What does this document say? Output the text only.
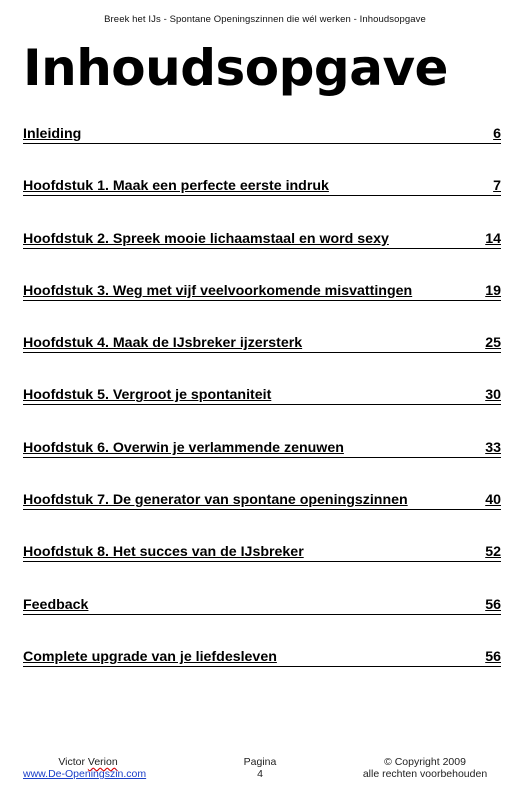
Breek het IJs - Spontane Openingszinnen die wél werken - Inhoudsopgave
Inhoudsopgave
Inleiding	6
Hoofdstuk 1. Maak een perfecte eerste indruk	7
Hoofdstuk 2. Spreek mooie lichaamstaal en word sexy	14
Hoofdstuk 3. Weg met vijf veelvoorkomende misvattingen	19
Hoofdstuk 4. Maak de IJsbreker ijzersterk	25
Hoofdstuk 5. Vergroot je spontaniteit	30
Hoofdstuk 6. Overwin je verlammende zenuwen	33
Hoofdstuk 7. De generator van spontane openingszinnen	40
Hoofdstuk 8. Het succes van de IJsbreker	52
Feedback	56
Complete upgrade van je liefdesleven	56
Victor Verion
www.De-Openingszin.com
Pagina
4
© Copyright 2009
alle rechten voorbehouden
